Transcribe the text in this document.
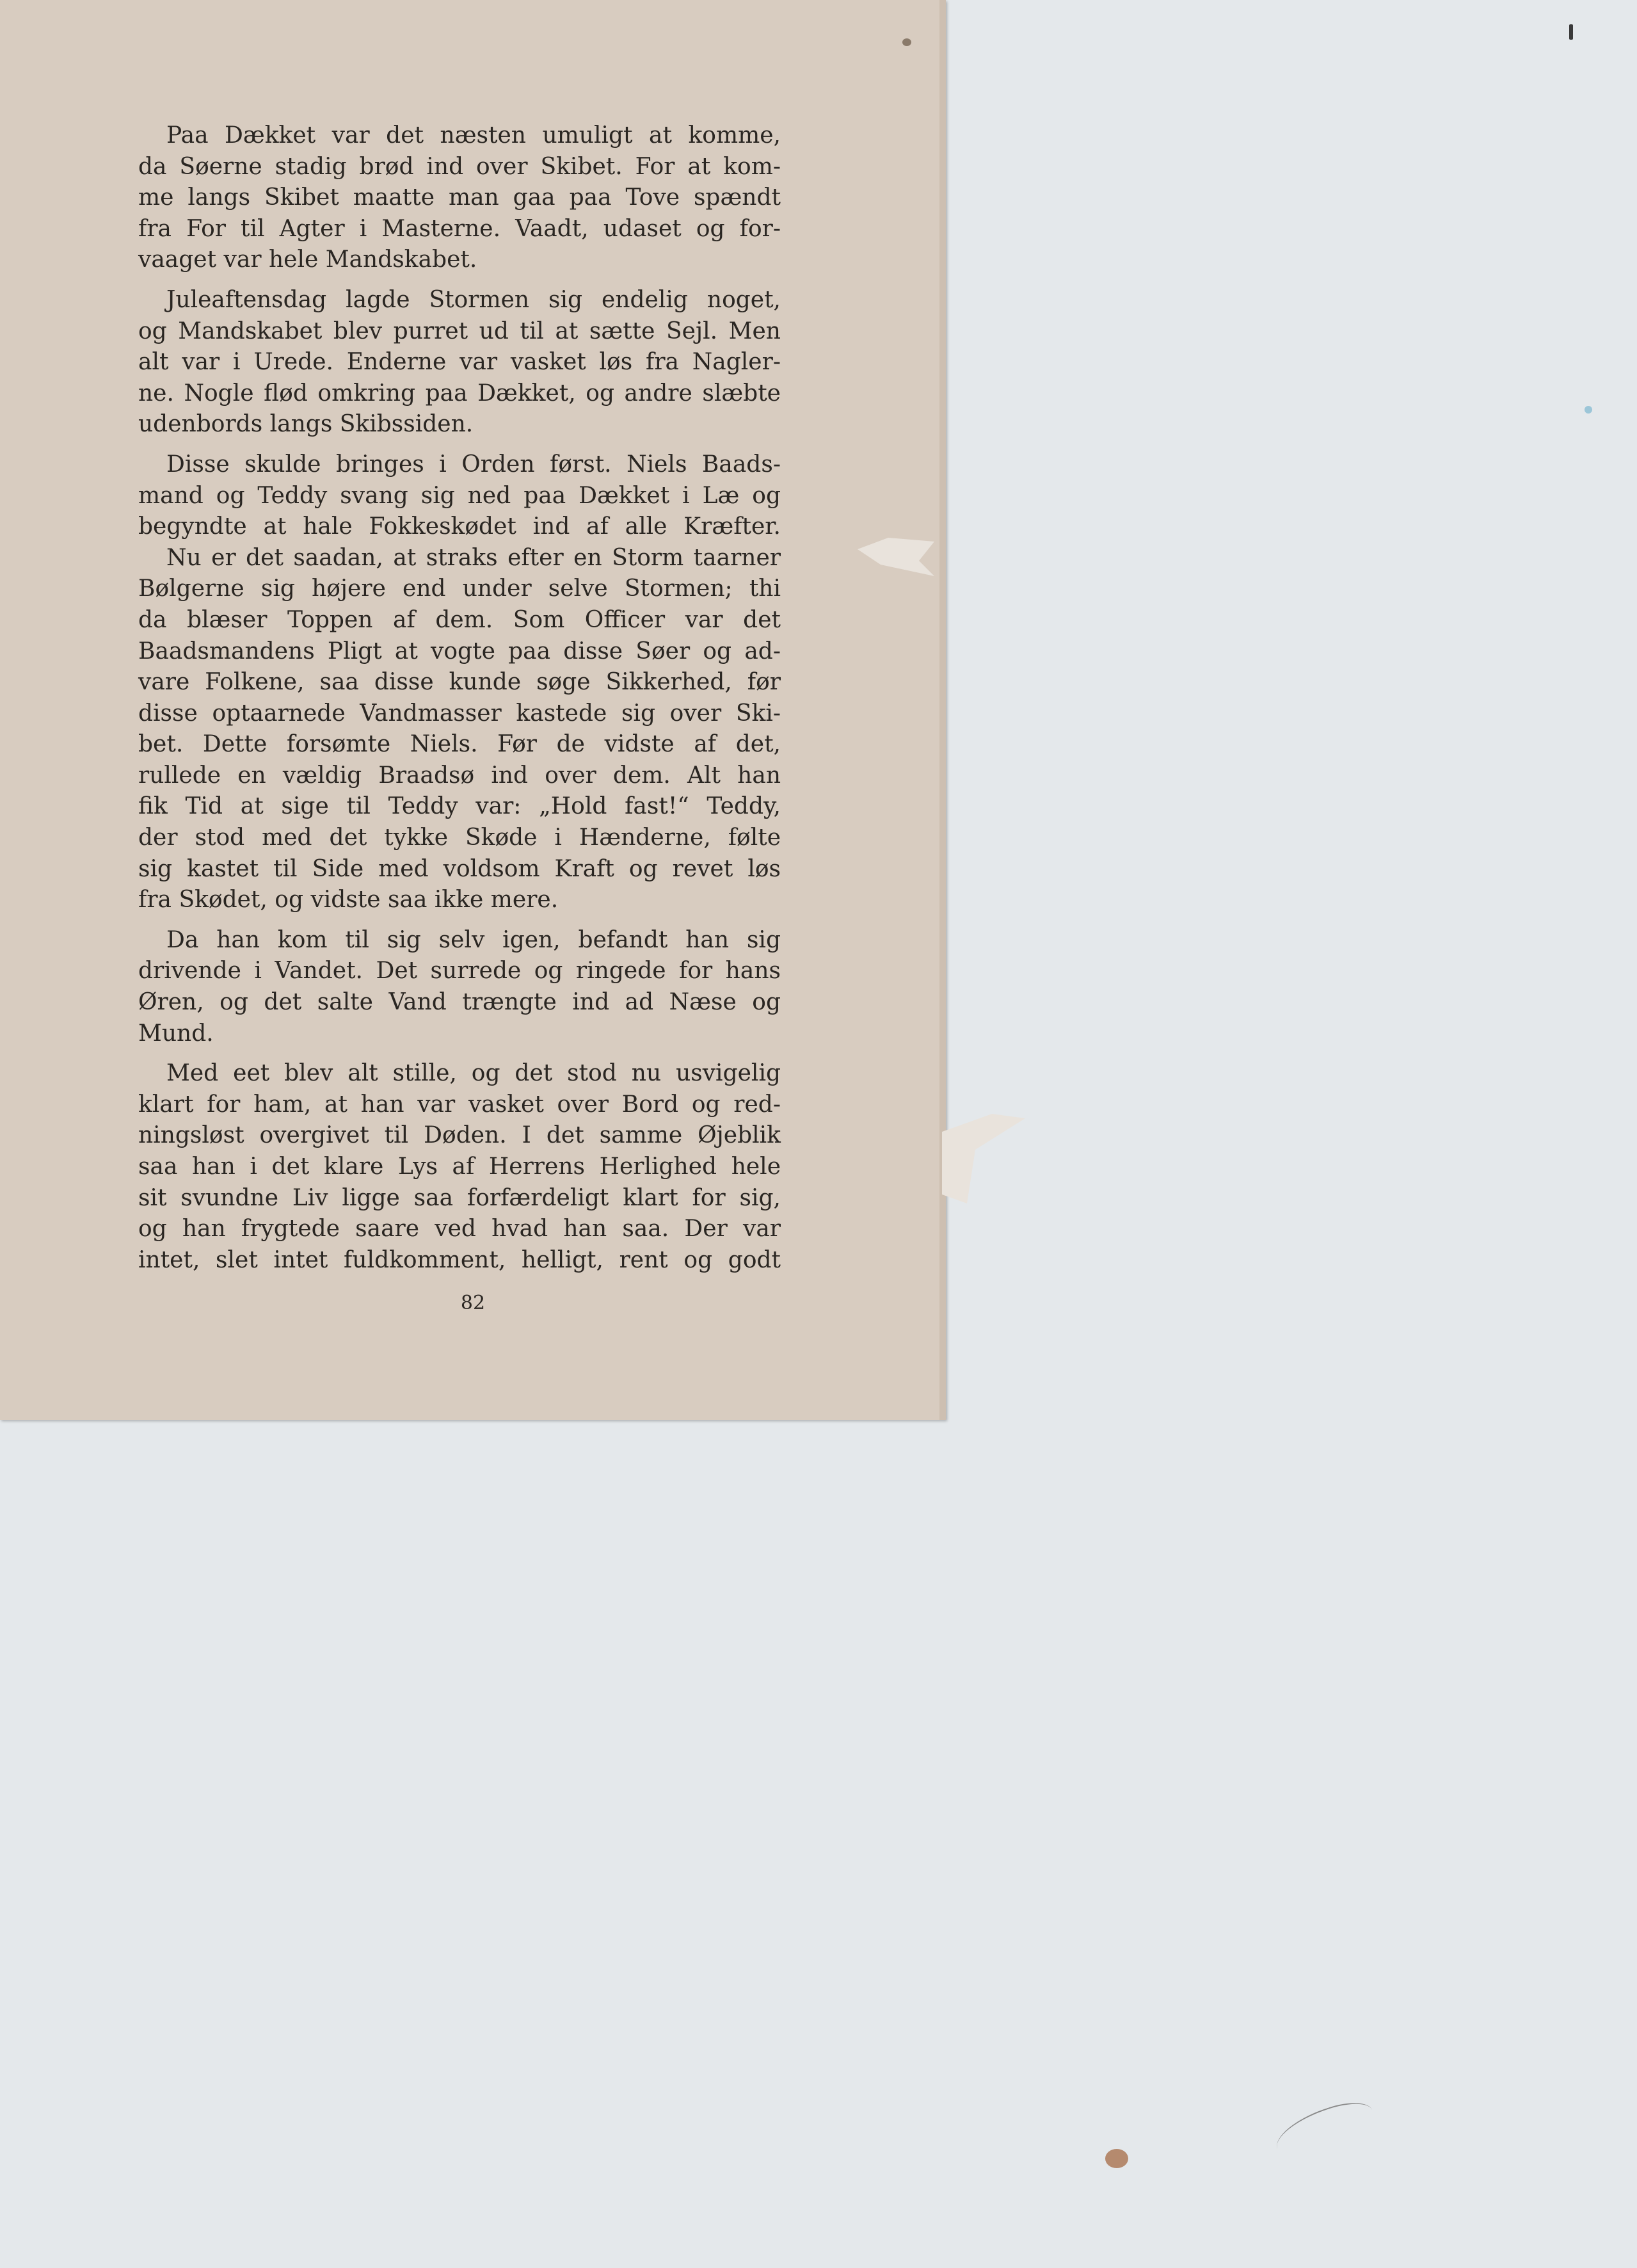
Paa Dækket var det næsten umuligt at komme,
da Søerne stadig brød ind over Skibet. For at kom-
me langs Skibet maatte man gaa paa Tove spændt
fra For til Agter i Masterne. Vaadt, udaset og for-
vaaget var hele Mandskabet.
Juleaftensdag lagde Stormen sig endelig noget,
og Mandskabet blev purret ud til at sætte Sejl. Men
alt var i Urede. Enderne var vasket løs fra Nagler-
ne. Nogle flød omkring paa Dækket, og andre slæbte
udenbords langs Skibssiden.
Disse skulde bringes i Orden først. Niels Baads-
mand og Teddy svang sig ned paa Dækket i Læ og
begyndte at hale Fokkeskødet ind af alle Kræfter.
Nu er det saadan, at straks efter en Storm taarner
Bølgerne sig højere end under selve Stormen; thi
da blæser Toppen af dem. Som Officer var det
Baadsmandens Pligt at vogte paa disse Søer og ad-
vare Folkene, saa disse kunde søge Sikkerhed, før
disse optaarnede Vandmasser kastede sig over Ski-
bet. Dette forsømte Niels. Før de vidste af det,
rullede en vældig Braadsø ind over dem. Alt han
fik Tid at sige til Teddy var: „Hold fast!“ Teddy,
der stod med det tykke Skøde i Hænderne, følte
sig kastet til Side med voldsom Kraft og revet løs
fra Skødet, og vidste saa ikke mere.
Da han kom til sig selv igen, befandt han sig
drivende i Vandet. Det surrede og ringede for hans
Øren, og det salte Vand trængte ind ad Næse og
Mund.
Med eet blev alt stille, og det stod nu usvigelig
klart for ham, at han var vasket over Bord og red-
ningsløst overgivet til Døden. I det samme Øjeblik
saa han i det klare Lys af Herrens Herlighed hele
sit svundne Liv ligge saa forfærdeligt klart for sig,
og han frygtede saare ved hvad han saa. Der var
intet, slet intet fuldkomment, helligt, rent og godt
82
